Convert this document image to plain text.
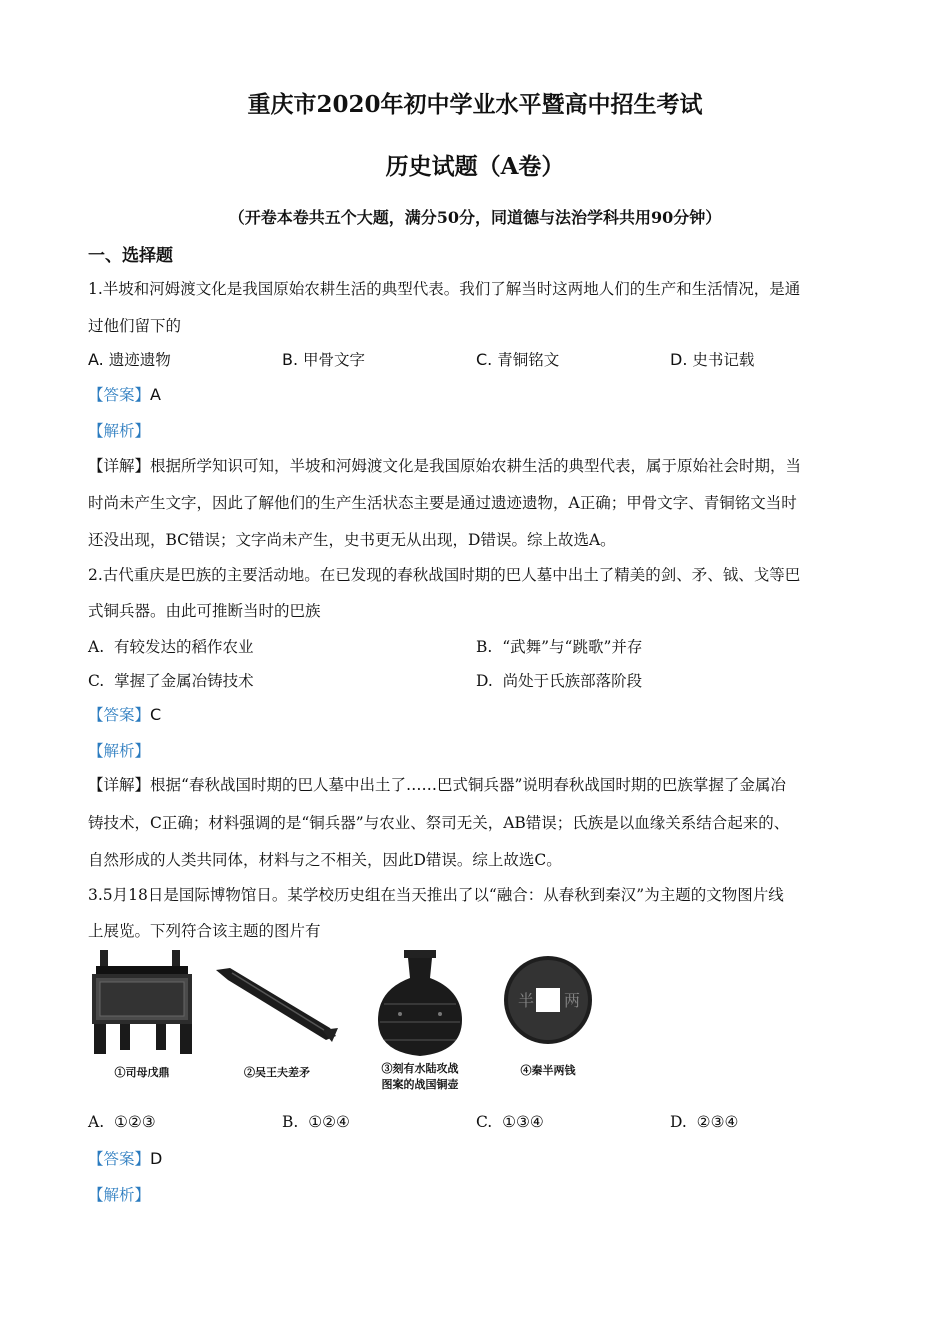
重庆市2020年初中学业水平暨高中招生考试
历史试题（A卷）
（开卷本卷共五个大题，满分50分，同道德与法治学科共用90分钟）
一、选择题
1.半坡和河姆渡文化是我国原始农耕生活的典型代表。我们了解当时这两地人们的生产和生活情况，是通
过他们留下的
A. 遗迹遗物	B. 甲骨文字	C. 青铜铭文	D. 史书记载
【答案】A
【解析】
【详解】根据所学知识可知，半坡和河姆渡文化是我国原始农耕生活的典型代表，属于原始社会时期，当
时尚未产生文字，因此了解他们的生产生活状态主要是通过遗迹遗物，A正确；甲骨文字、青铜铭文当时
还没出现，BC错误；文字尚未产生，史书更无从出现，D错误。综上故选A。
2.古代重庆是巴族的主要活动地。在已发现的春秋战国时期的巴人墓中出土了精美的剑、矛、钺、戈等巴
式铜兵器。由此可推断当时的巴族
A. 有较发达的稻作农业	B. “武舞”与“跳歌”并存
C. 掌握了金属冶铸技术	D. 尚处于氏族部落阶段
【答案】C
【解析】
【详解】根据“春秋战国时期的巴人墓中出土了……巴式铜兵器”说明春秋战国时期的巴族掌握了金属冶
铸技术，C正确；材料强调的是“铜兵器”与农业、祭司无关，AB错误；氏族是以血缘关系结合起来的、
自然形成的人类共同体，材料与之不相关，因此D错误。综上故选C。
3.5月18日是国际博物馆日。某学校历史组在当天推出了以“融合：从春秋到秦汉”为主题的文物图片线
上展览。下列符合该主题的图片有
①司母戊鼎	②吴王夫差矛	③刻有水陆攻战
图案的战国铜壶
半 两
④秦半两钱
A. ①②③	B. ①②④	C. ①③④	D. ②③④
【答案】D
【解析】
